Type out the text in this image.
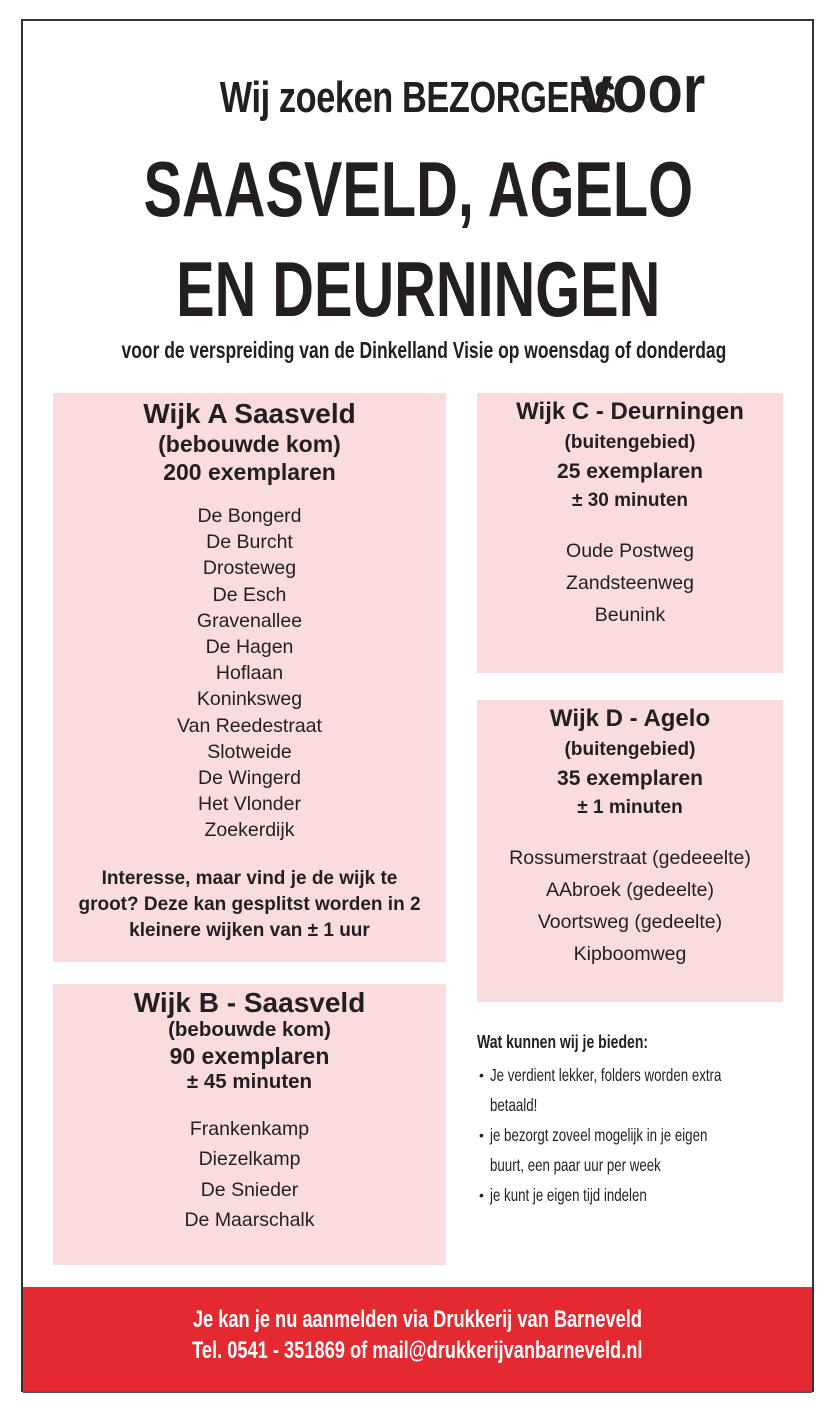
Wij zoeken BEZORGERS voor
SAASVELD, AGELO
EN DEURNINGEN
voor de verspreiding van de Dinkelland Visie op woensdag of donderdag
Wijk A Saasveld
(bebouwde kom)
200 exemplaren
De Bongerd
De Burcht
Drosteweg
De Esch
Gravenallee
De Hagen
Hoflaan
Koninksweg
Van Reedestraat
Slotweide
De Wingerd
Het Vlonder
Zoekerdijk
Interesse, maar vind je de wijk te groot? Deze kan gesplitst worden in 2 kleinere wijken van ± 1 uur
Wijk B - Saasveld
(bebouwde kom)
90 exemplaren
± 45 minuten
Frankenkamp
Diezelkamp
De Snieder
De Maarschalk
Wijk C - Deurningen
(buitengebied)
25 exemplaren
± 30 minuten
Oude Postweg
Zandsteenweg
Beunink
Wijk D - Agelo
(buitengebied)
35 exemplaren
± 1 minuten
Rossumerstraat (gedeeelte)
AAbroek (gedeelte)
Voortsweg (gedeelte)
Kipboomweg
Wat kunnen wij je bieden:
• Je verdient lekker, folders worden extra betaald!
• je bezorgt zoveel mogelijk in je eigen buurt, een paar uur per week
• je kunt je eigen tijd indelen
Je kan je nu aanmelden via Drukkerij van Barneveld
Tel. 0541 - 351869 of mail@drukkerijvanbarneveld.nl
